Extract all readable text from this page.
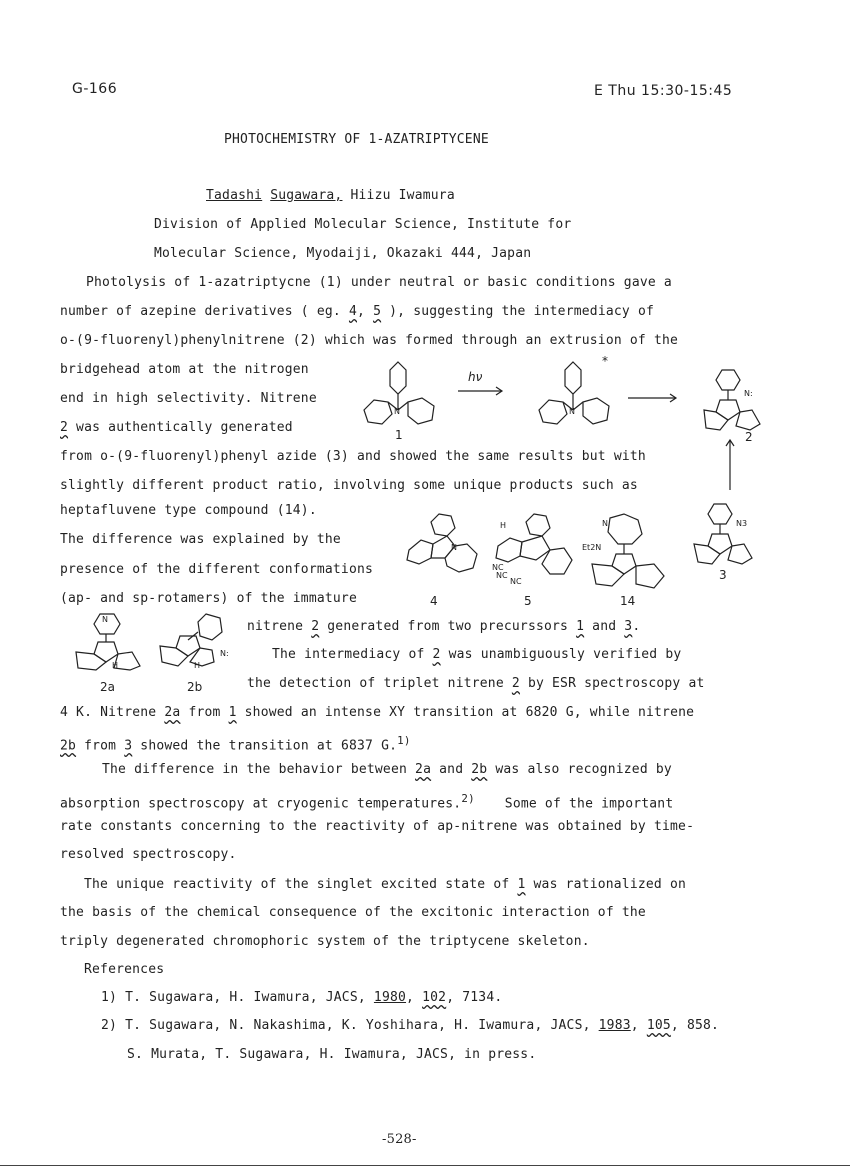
G-166	E Thu 15:30-15:45
PHOTOCHEMISTRY OF 1-AZATRIPTYCENE
Tadashi Sugawara, Hiizu Iwamura
Division of Applied Molecular Science, Institute for
Molecular Science, Myodaiji, Okazaki 444, Japan
Photolysis of 1-azatriptycne (1) under neutral or basic conditions gave a
number of azepine derivatives ( eg. 4, 5 ), suggesting the intermediacy of
o-(9-fluorenyl)phenylnitrene (2) which was formed through an extrusion of the
bridgehead atom at the nitrogen
end in high selectivity. Nitrene
2 was authentically generated
from o-(9-fluorenyl)phenyl azide (3) and showed the same results but with
slightly different product ratio, involving some unique products such as
heptafluvene type compound (14).
The difference was explained by the
presence of the different conformations
(ap- and sp-rotamers) of the immature
nitrene 2 generated from two precurssors 1 and 3.
The intermediacy of 2 was unambiguously verified by
the detection of triplet nitrene 2 by ESR spectroscopy at
4 K. Nitrene 2a from 1 showed an intense XY transition at 6820 G, while nitrene
2b from 3 showed the transition at 6837 G.$^{1)}$
The difference in the behavior between 2a and 2b was also recognized by
absorption spectroscopy at cryogenic temperatures.$^{2)}$ Some of the important
rate constants concerning to the reactivity of ap-nitrene was obtained by time-
resolved spectroscopy.
The unique reactivity of the singlet excited state of 1 was rationalized on
the basis of the chemical consequence of the excitonic interaction of the
triply degenerated chromophoric system of the triptycene skeleton.
References
1) T. Sugawara, H. Iwamura, JACS, 1980, 102, 7134.
2) T. Sugawara, N. Nakashima, K. Yoshihara, H. Iwamura, JACS, 1983, 105, 858.
S. Murata, T. Sugawara, H. Iwamura, JACS, in press.
-528-
N
1
hν
N
*
N:
2
N3
3
N
4
H
NC
NC
NC
5
N
Et2N
14
N
H
2a
N:
H
2b
